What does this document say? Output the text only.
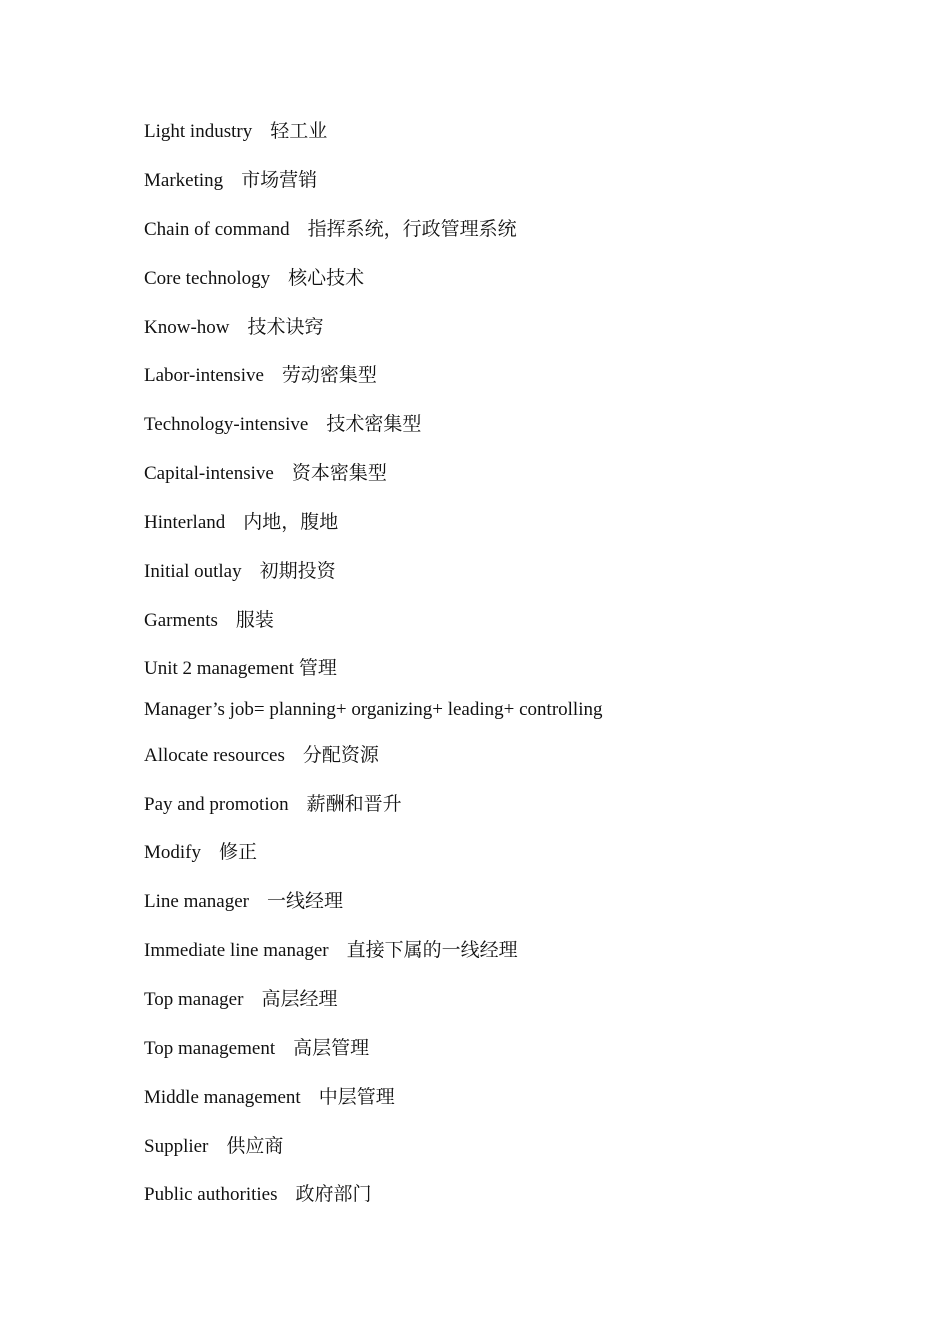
Light industry 轻工业
Marketing 市场营销
Chain of command 指挥系统，行政管理系统
Core technology 核心技术
Know-how 技术诀窍
Labor-intensive 劳动密集型
Technology-intensive 技术密集型
Capital-intensive 资本密集型
Hinterland 内地，腹地
Initial outlay 初期投资
Garments 服装
Unit 2 management 管理
Manager’s job= planning+ organizing+ leading+ controlling
Allocate resources 分配资源
Pay and promotion 薪酬和晋升
Modify 修正
Line manager 一线经理
Immediate line manager 直接下属的一线经理
Top manager 高层经理
Top management 高层管理
Middle management 中层管理
Supplier 供应商
Public authorities 政府部门
